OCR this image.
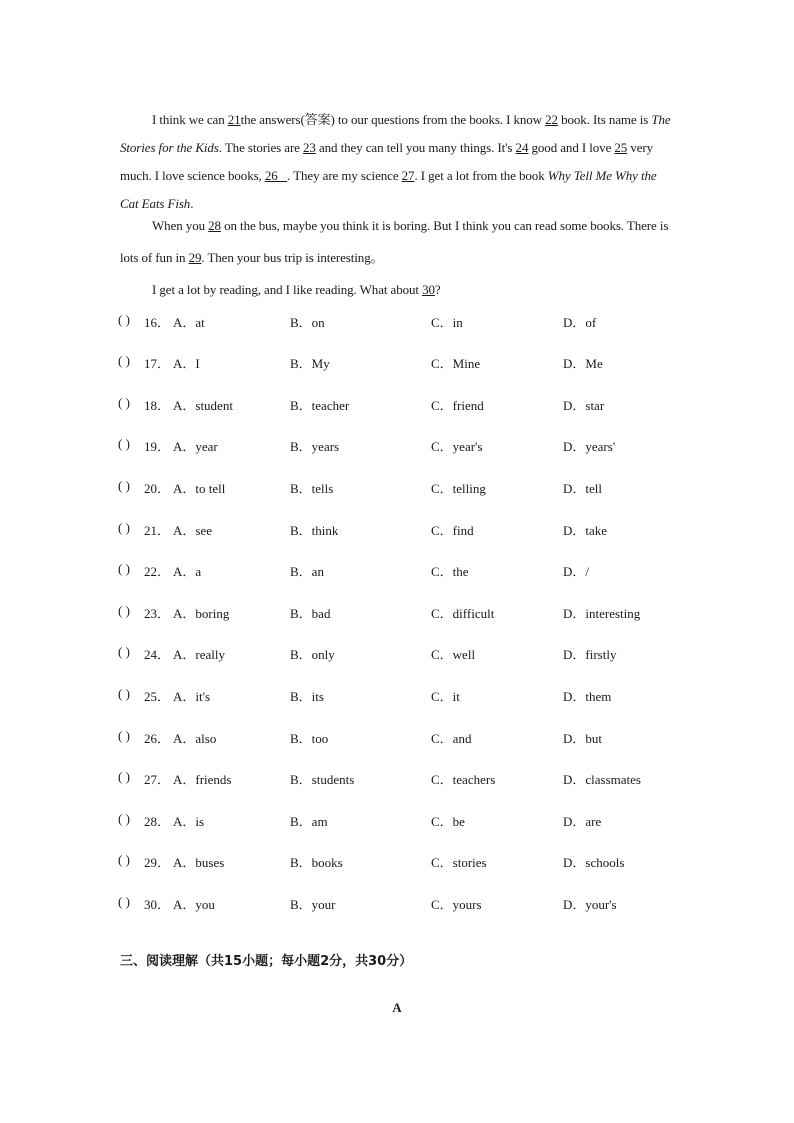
I think we can 21the answers(答案) to our questions from the books. I know 22 book. Its name is The Stories for the Kids. The stories are 23 and they can tell you many things. It's 24 good and I love 25 very much. I love science books, 26   . They are my science 27. I get a lot from the book Why Tell Me Why the Cat Eats Fish.
When you 28 on the bus, maybe you think it is boring. But I think you can read some books. There is lots of fun in 29. Then your bus trip is interesting。
I get a lot by reading, and I like reading. What about 30?
( ) 16． A．at	B．on	C．in	D．of
( ) 17． A．I	B．My	C．Mine	D．Me
( ) 18． A．student	B．teacher	C．friend	D．star
( ) 19． A．year	B．years	C．year's	D．years'
( ) 20． A．to tell	B．tells	C．telling	D．tell
( ) 21． A．see	B．think	C．find	D．take
( ) 22． A．a	B．an	C．the	D．/
( ) 23． A．boring	B．bad	C．difficult	D．interesting
( ) 24． A．really	B．only	C．well	D．firstly
( ) 25． A．it's	B．its	C．it	D．them
( ) 26． A．also	B．too	C．and	D．but
( ) 27． A．friends	B．students	C．teachers	D．classmates
( ) 28． A．is	B．am	C．be	D．are
( ) 29． A．buses	B．books	C．stories	D．schools
( ) 30． A．you	B．your	C．yours	D．your's
三、阅读理解（共15小题；每小题2分，共30分）
A
